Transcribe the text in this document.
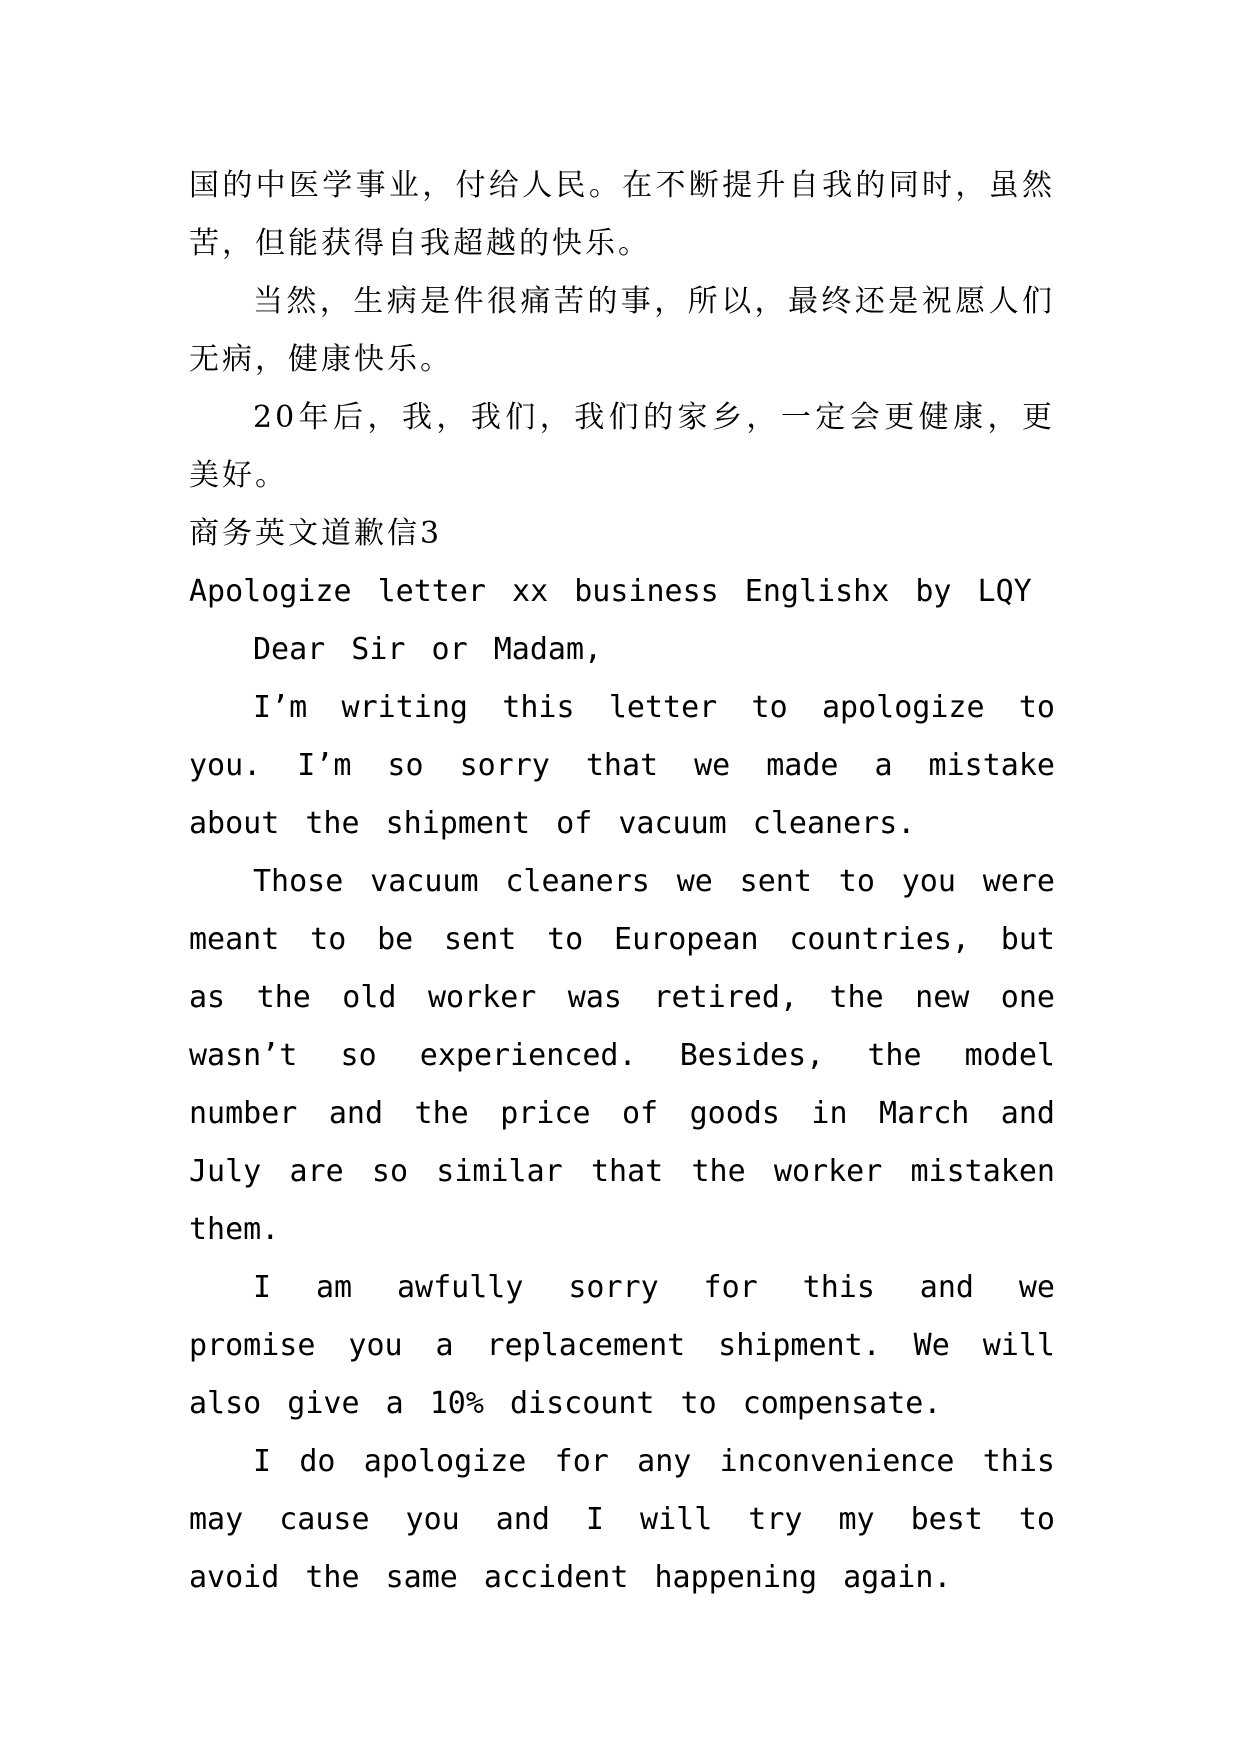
国的中医学事业，付给人民。在不断提升自我的同时，虽然苦，但能获得自我超越的快乐。

当然，生病是件很痛苦的事，所以，最终还是祝愿人们无病，健康快乐。

20年后，我，我们，我们的家乡，一定会更健康，更美好。

商务英文道歉信3

Apologize letter xx business Englishx by LQY

Dear Sir or Madam,

I’m writing this letter to apologize to you. I’m so sorry that we made a mistake about the shipment of vacuum cleaners.

Those vacuum cleaners we sent to you were meant to be sent to European countries, but as the old worker was retired, the new one wasn’t so experienced. Besides, the model number and the price of goods in March and July are so similar that the worker mistaken them.

I am awfully sorry for this and we promise you a replacement shipment. We will also give a 10% discount to compensate.

I do apologize for any inconvenience this may cause you and I will try my best to avoid the same accident happening again.
